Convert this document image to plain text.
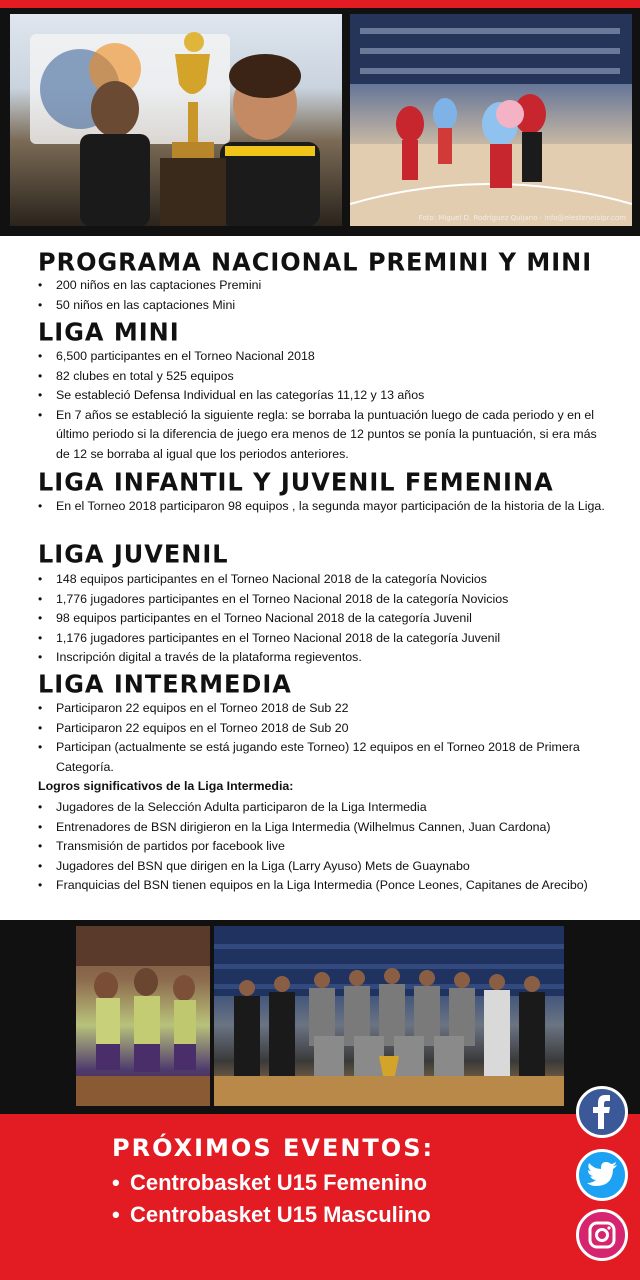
Foto: Miguel D. Rodríguez Quijano - info@elesteneisipr.com
PROGRAMA NACIONAL PREMINI Y MINI
• 200 niños en las captaciones Premini
• 50 niños en las captaciones Mini
LIGA MINI
• 6,500 participantes en el Torneo Nacional 2018
• 82 clubes en total y 525 equipos
• Se estableció Defensa Individual en las categorías 11,12 y 13 años
• En 7 años se estableció la siguiente regla: se borraba la puntuación luego de cada periodo y en el último periodo si la diferencia de juego era menos de 12 puntos se ponía la puntuación, si era más de 12 se borraba al igual que los periodos anteriores.
LIGA INFANTIL Y JUVENIL FEMENINA
• En el Torneo 2018 participaron 98 equipos , la segunda mayor participación de la historia de la Liga.
LIGA JUVENIL
• 148 equipos participantes en el Torneo Nacional 2018 de la categoría Novicios
• 1,776 jugadores participantes en el Torneo Nacional 2018 de la categoría Novicios
• 98 equipos participantes en el Torneo Nacional 2018 de la categoría Juvenil
• 1,176 jugadores participantes en el Torneo Nacional 2018 de la categoría Juvenil
• Inscripción digital a través de la plataforma regieventos.
LIGA INTERMEDIA
• Participaron 22 equipos en el Torneo 2018 de Sub 22
• Participaron 22 equipos en el Torneo 2018 de Sub 20
• Participan (actualmente se está jugando este Torneo) 12 equipos en el Torneo 2018 de Primera Categoría.
Logros significativos de la Liga Intermedia:
• Jugadores de la Selección Adulta participaron de la Liga Intermedia
• Entrenadores de BSN dirigieron en la Liga Intermedia (Wilhelmus Cannen, Juan Cardona)
• Transmisión de partidos por facebook live
• Jugadores del BSN que dirigen en la Liga (Larry Ayuso) Mets de Guaynabo
• Franquicias del BSN tienen equipos en la Liga Intermedia (Ponce Leones, Capitanes de Arecibo)
PRÓXIMOS EVENTOS:
• Centrobasket U15 Femenino
• Centrobasket U15 Masculino
